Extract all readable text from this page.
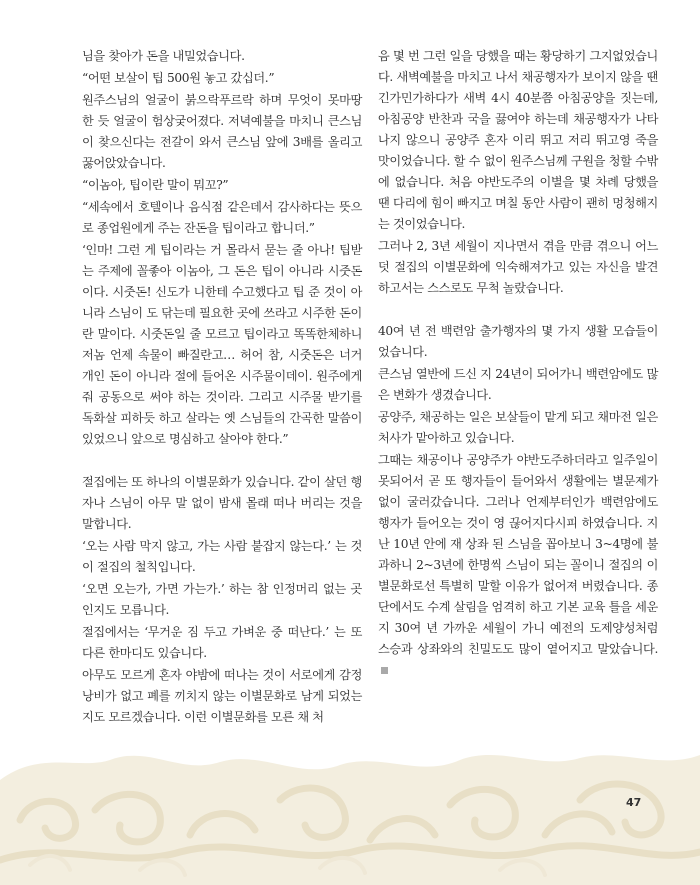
님을 찾아가 돈을 내밀었습니다.

“어떤 보살이 팁 500원 놓고 갔십더.”

원주스님의 얼굴이 붉으락푸르락 하며 무엇이 못마땅한 듯 얼굴이 험상궂어졌다. 저녁예불을 마치니 큰스님이 찾으신다는 전갈이 와서 큰스님 앞에 3배를 올리고 꿇어앉았습니다.

“이놈아, 팁이란 말이 뭐꼬?”

“세속에서 호텔이나 음식점 같은데서 감사하다는 뜻으로 종업원에게 주는 잔돈을 팁이라고 합니더.”

‘인마! 그런 게 팁이라는 거 몰라서 묻는 줄 아나! 팁받는 주제에 꼴좋아 이놈아, 그 돈은 팁이 아니라 시줏돈이다. 시줏돈! 신도가 니한테 수고했다고 팁 준 것이 아니라 스님이 도 닦는데 필요한 곳에 쓰라고 시주한 돈이란 말이다. 시줏돈일 줄 모르고 팁이라고 똑똑한체하니 저놈 언제 속물이 빠질란고… 허어 참, 시줏돈은 너거 개인 돈이 아니라 절에 들어온 시주물이데이. 원주에게 줘 공동으로 써야 하는 것이라. 그리고 시주물 받기를 독화살 피하듯 하고 살라는 옛 스님들의 간곡한 말씀이 있었으니 앞으로 명심하고 살아야 한다.”

절집에는 또 하나의 이별문화가 있습니다. 같이 살던 행자나 스님이 아무 말 없이 밤새 몰래 떠나 버리는 것을 말합니다.

‘오는 사람 막지 않고, 가는 사람 붙잡지 않는다.’ 는 것이 절집의 철칙입니다.

‘오면 오는가, 가면 가는가.’ 하는 참 인정머리 없는 곳인지도 모릅니다.

절집에서는 ‘무거운 짐 두고 가벼운 중 떠난다.’ 는 또 다른 한마디도 있습니다.

아무도 모르게 혼자 야밤에 떠나는 것이 서로에게 감정 낭비가 없고 폐를 끼치지 않는 이별문화로 남게 되었는지도 모르겠습니다. 이런 이별문화를 모른 채 처

음 몇 번 그런 일을 당했을 때는 황당하기 그지없었습니다. 새벽예불을 마치고 나서 채공행자가 보이지 않을 땐 긴가민가하다가 새벽 4시 40분쯤 아침공양을 짓는데, 아침공양 반찬과 국을 끓여야 하는데 채공행자가 나타나지 않으니 공양주 혼자 이리 뛰고 저리 뛰고영 죽을 맛이었습니다. 할 수 없이 원주스님께 구원을 청할 수밖에 없습니다. 처음 야반도주의 이별을 몇 차례 당했을 땐 다리에 힘이 빠지고 며칠 동안 사람이 괜히 멍청해지는 것이었습니다.

그러나 2, 3년 세월이 지나면서 겪을 만큼 겪으니 어느덧 절집의 이별문화에 익숙해져가고 있는 자신을 발견하고서는 스스로도 무척 놀랐습니다.

40여 년 전 백련암 출가행자의 몇 가지 생활 모습들이었습니다.

큰스님 열반에 드신 지 24년이 되어가니 백련암에도 많은 변화가 생겼습니다.

공양주, 채공하는 일은 보살들이 맡게 되고 채마전 일은 처사가 맡아하고 있습니다.

그때는 채공이나 공양주가 야반도주하더라고 일주일이 못되어서 곧 또 행자들이 들어와서 생활에는 별문제가 없이 굴러갔습니다. 그러나 언제부터인가 백련암에도 행자가 들어오는 것이 영 끊어지다시피 하였습니다. 지난 10년 안에 재 상좌 된 스님을 꼽아보니 3~4명에 불과하니 2~3년에 한명씩 스님이 되는 꼴이니 절집의 이별문화로선 특별히 말할 이유가 없어져 버렸습니다. 종단에서도 수계 살림을 엄격히 하고 기본 교육 틀을 세운 지 30여 년 가까운 세월이 가니 예전의 도제양성처럼 스승과 상좌와의 친밀도도 많이 옅어지고 말았습니다.

47
